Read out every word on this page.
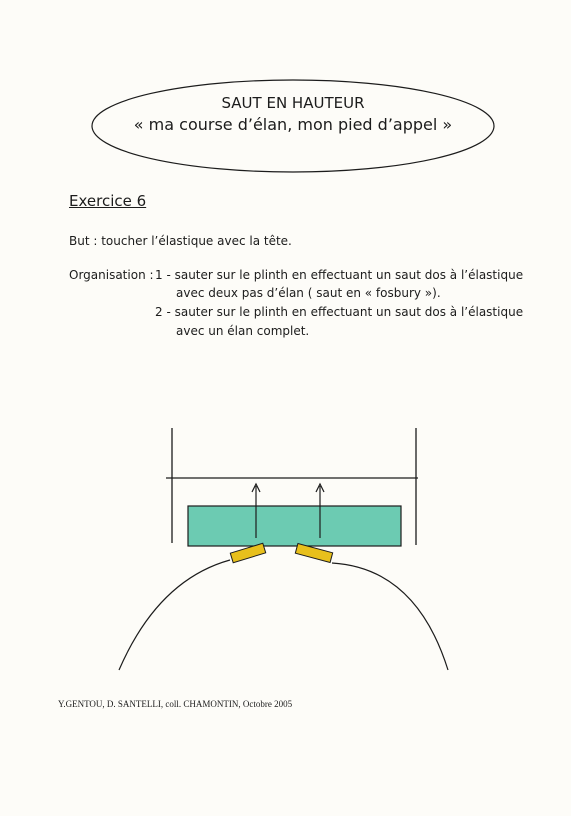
SAUT EN HAUTEUR
« ma course d’élan, mon pied d’appel »
Exercice 6
But : toucher l’élastique avec la tête.
Organisation : 1 - sauter sur le plinth en effectuant un saut dos à l’élastique
avec deux pas d’élan ( saut en « fosbury »).
2 - sauter sur le plinth en effectuant un saut dos à l’élastique
avec un élan complet.
Y.GENTOU, D. SANTELLI, coll. CHAMONTIN, Octobre 2005
